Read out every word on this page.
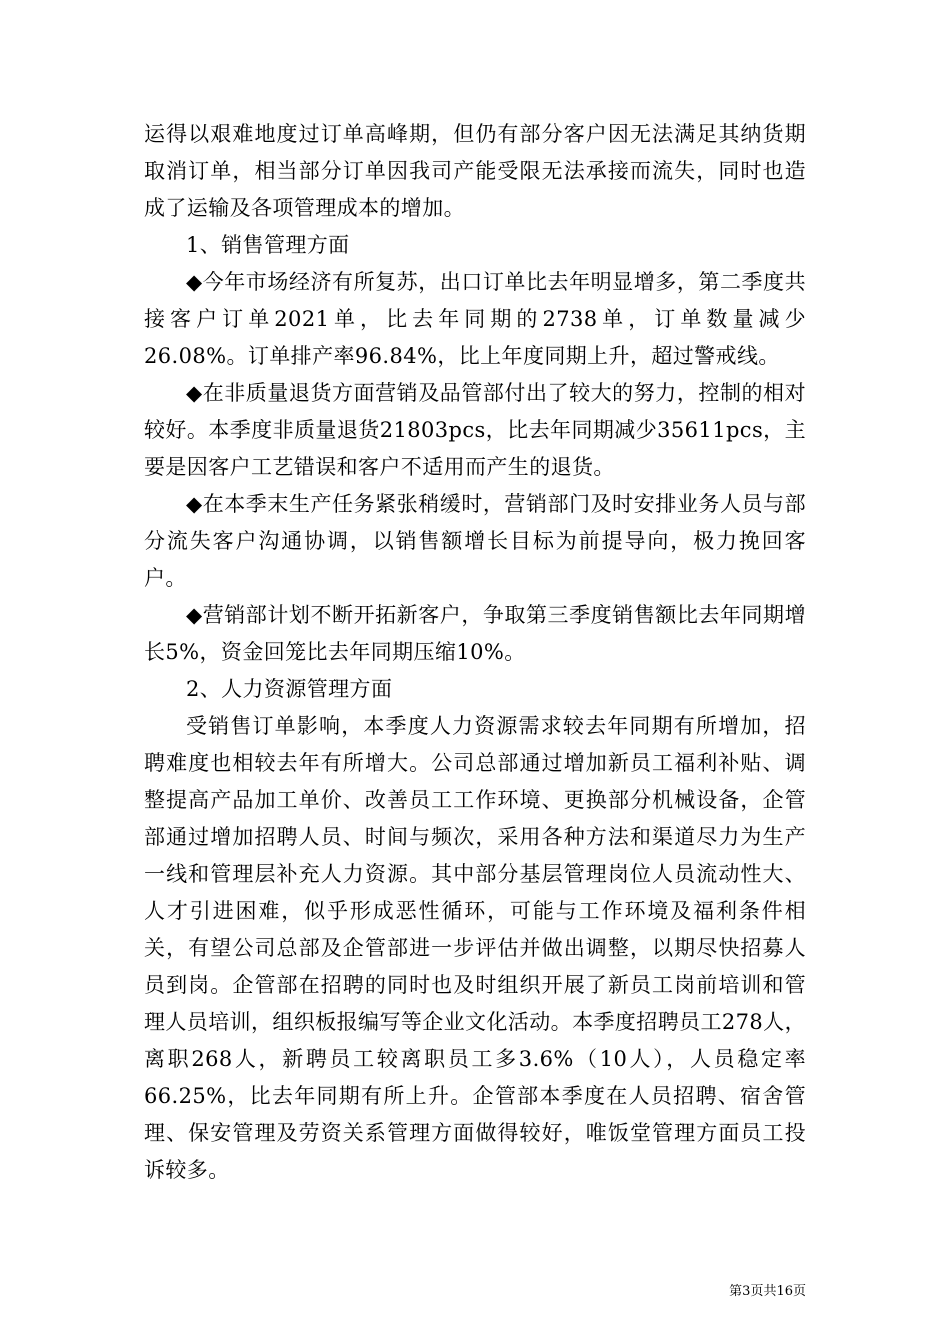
运得以艰难地度过订单高峰期，但仍有部分客户因无法满足其纳货期取消订单，相当部分订单因我司产能受限无法承接而流失，同时也造成了运输及各项管理成本的增加。

1、销售管理方面

◆今年市场经济有所复苏，出口订单比去年明显增多，第二季度共接客户订单2021单，比去年同期的2738单，订单数量减少26.08%。订单排产率96.84%，比上年度同期上升，超过警戒线。

◆在非质量退货方面营销及品管部付出了较大的努力，控制的相对较好。本季度非质量退货21803pcs，比去年同期减少35611pcs，主要是因客户工艺错误和客户不适用而产生的退货。

◆在本季末生产任务紧张稍缓时，营销部门及时安排业务人员与部分流失客户沟通协调，以销售额增长目标为前提导向，极力挽回客户。

◆营销部计划不断开拓新客户，争取第三季度销售额比去年同期增长5%，资金回笼比去年同期压缩10%。

2、人力资源管理方面

受销售订单影响，本季度人力资源需求较去年同期有所增加，招聘难度也相较去年有所增大。公司总部通过增加新员工福利补贴、调整提高产品加工单价、改善员工工作环境、更换部分机械设备，企管部通过增加招聘人员、时间与频次，采用各种方法和渠道尽力为生产一线和管理层补充人力资源。其中部分基层管理岗位人员流动性大、人才引进困难，似乎形成恶性循环，可能与工作环境及福利条件相关，有望公司总部及企管部进一步评估并做出调整，以期尽快招募人员到岗。企管部在招聘的同时也及时组织开展了新员工岗前培训和管理人员培训，组织板报编写等企业文化活动。本季度招聘员工278人，离职268人，新聘员工较离职员工多3.6%（10人），人员稳定率66.25%，比去年同期有所上升。企管部本季度在人员招聘、宿舍管理、保安管理及劳资关系管理方面做得较好，唯饭堂管理方面员工投诉较多。

第3页共16页
